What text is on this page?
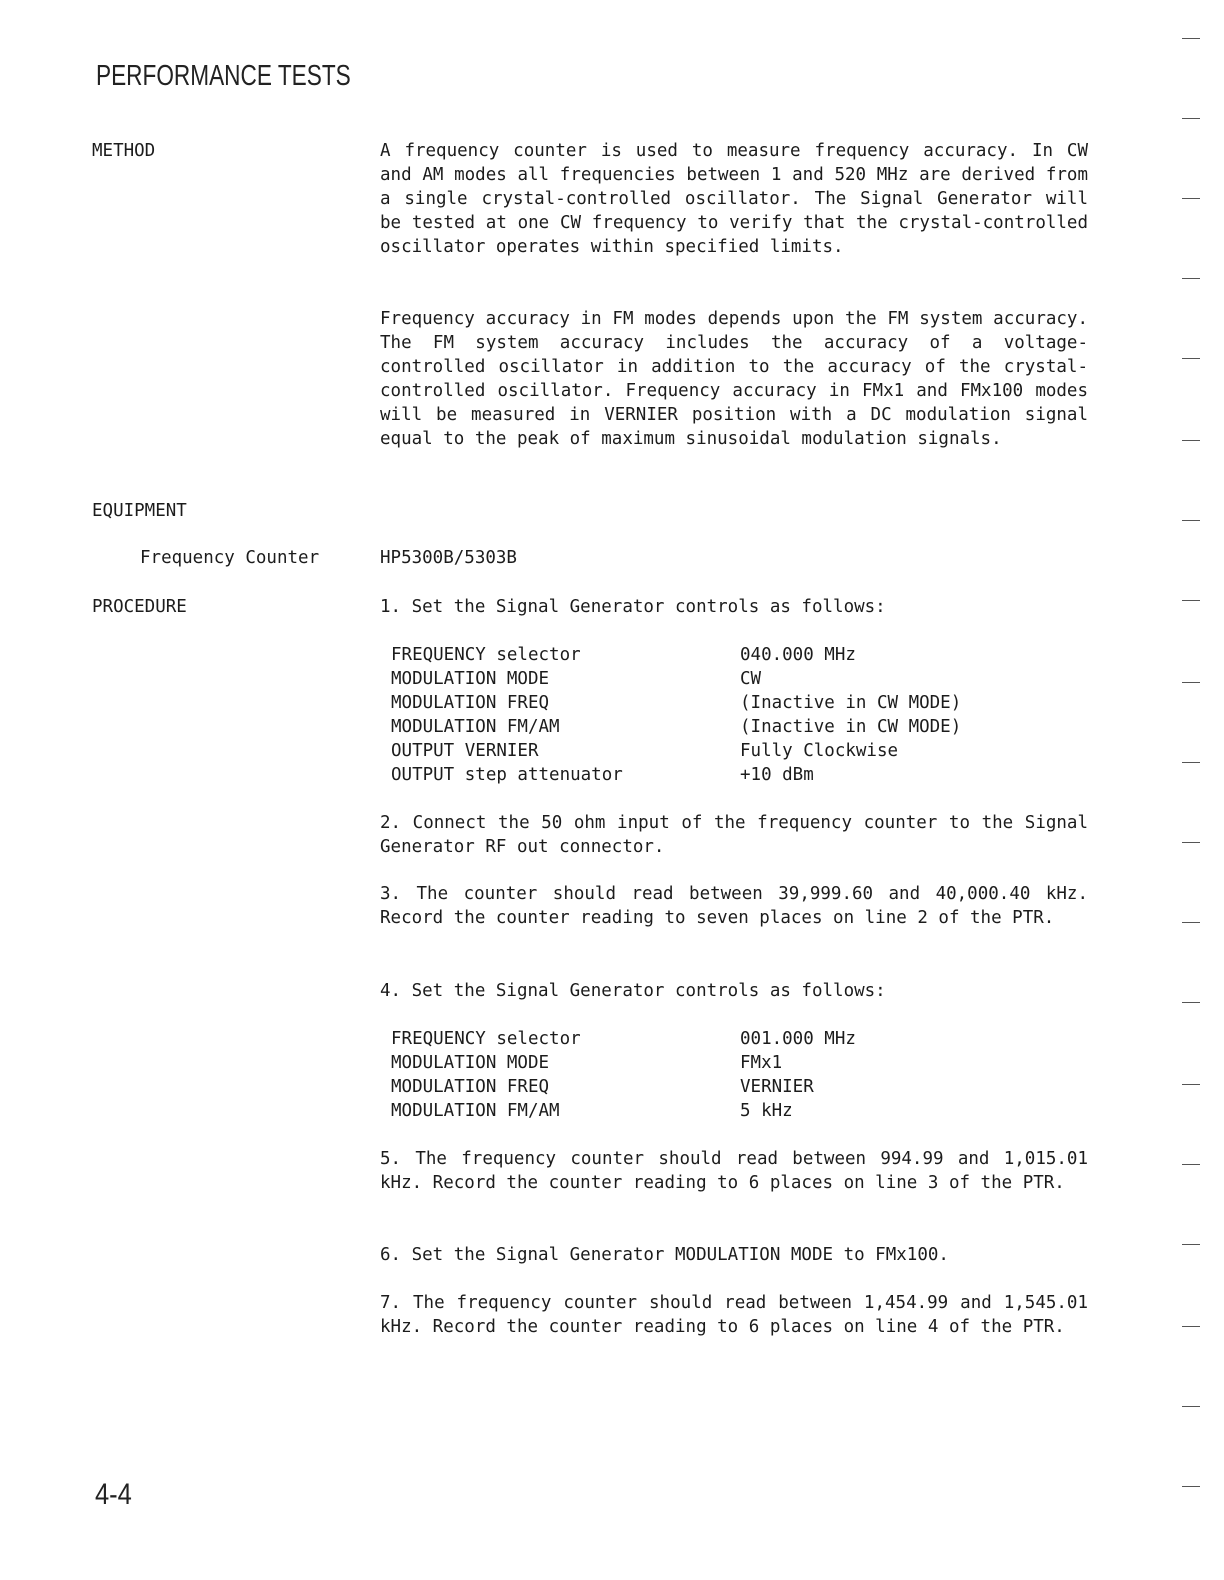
PERFORMANCE TESTS
METHOD	A frequency counter is used to measure frequency accuracy. In CW and AM modes all frequencies between 1 and 520 MHz are derived from a single crystal-controlled oscillator. The Signal Generator will be tested at one CW frequency to verify that the crystal-controlled oscillator operates within specified limits.

Frequency accuracy in FM modes depends upon the FM system accuracy. The FM system accuracy includes the accuracy of a voltage-controlled oscillator in addition to the accuracy of the crystal-controlled oscillator. Frequency accuracy in FMx1 and FMx100 modes will be measured in VERNIER position with a DC modulation signal equal to the peak of maximum sinusoidal modulation signals.

EQUIPMENT
Frequency Counter	HP5300B/5303B
PROCEDURE	1. Set the Signal Generator controls as follows:

FREQUENCY selector	040.000 MHz
MODULATION MODE	CW
MODULATION FREQ	(Inactive in CW MODE)
MODULATION FM/AM	(Inactive in CW MODE)
OUTPUT VERNIER	Fully Clockwise
OUTPUT step attenuator	+10 dBm

2. Connect the 50 ohm input of the frequency counter to the Signal Generator RF out connector.

3. The counter should read between 39,999.60 and 40,000.40 kHz. Record the counter reading to seven places on line 2 of the PTR.

4. Set the Signal Generator controls as follows:

FREQUENCY selector	001.000 MHz
MODULATION MODE	FMx1
MODULATION FREQ	VERNIER
MODULATION FM/AM	5 kHz

5. The frequency counter should read between 994.99 and 1,015.01 kHz. Record the counter reading to 6 places on line 3 of the PTR.

6. Set the Signal Generator MODULATION MODE to FMx100.

7. The frequency counter should read between 1,454.99 and 1,545.01 kHz. Record the counter reading to 6 places on line 4 of the PTR.

4-4
